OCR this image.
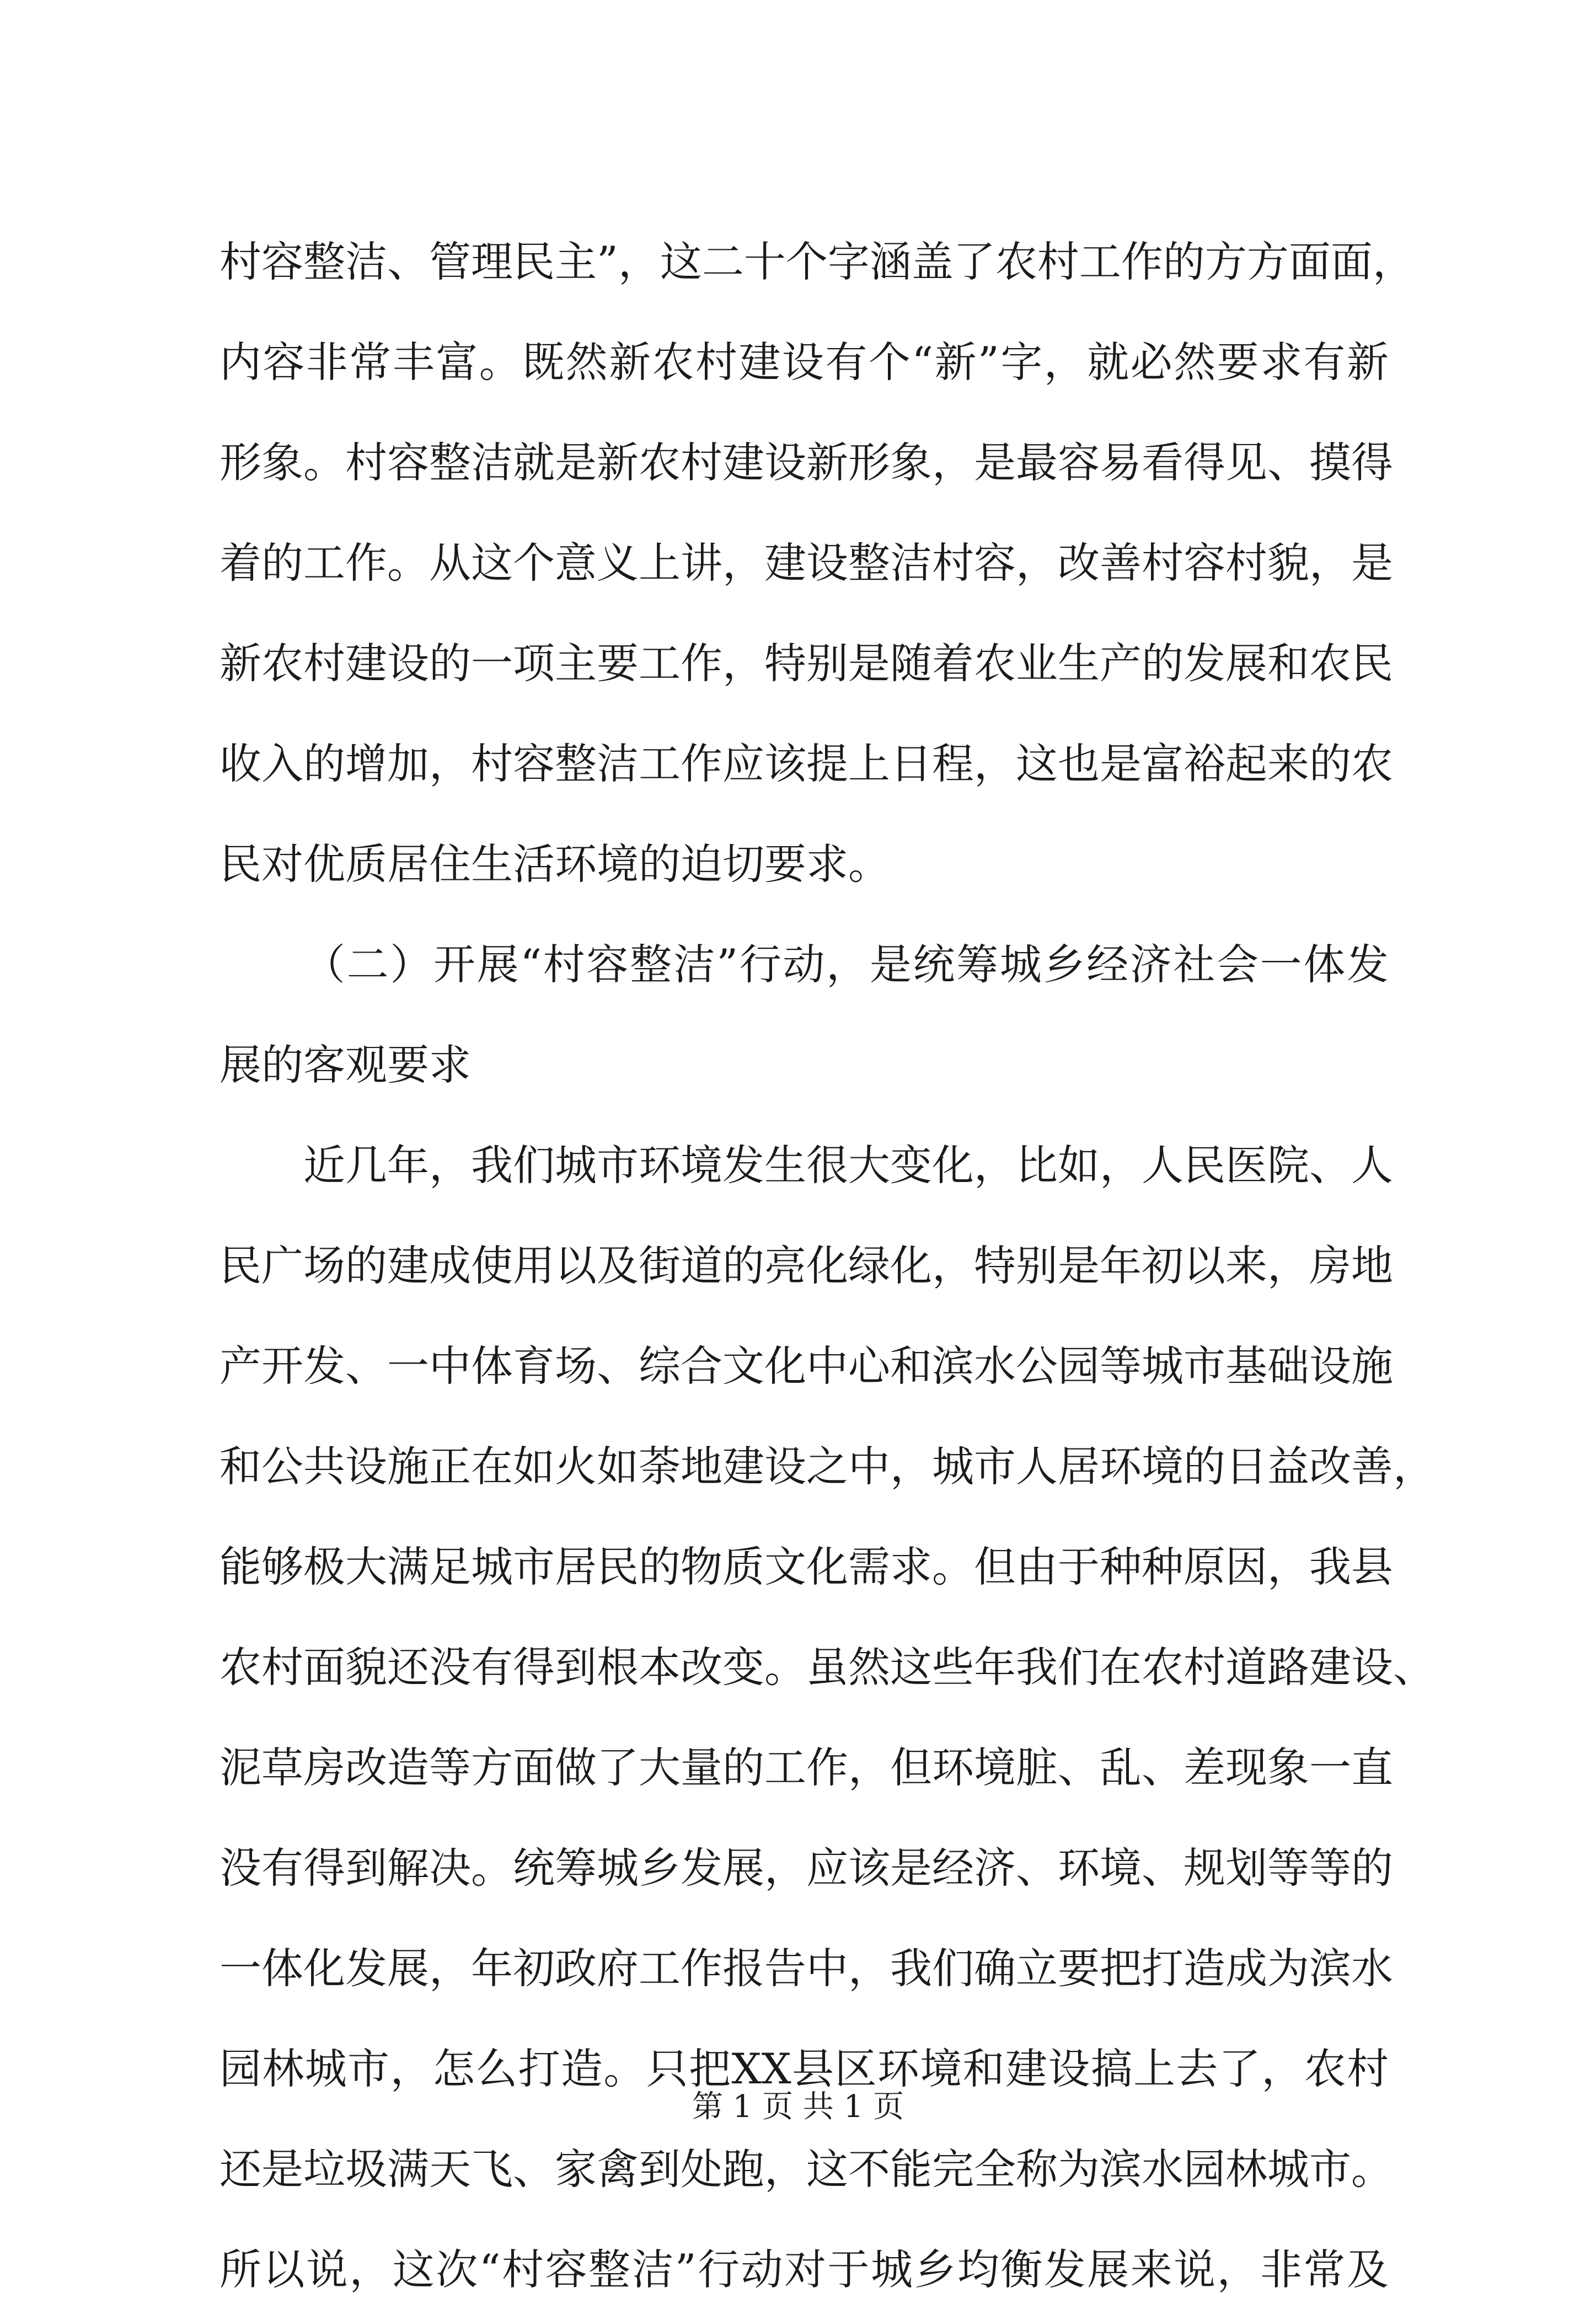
村容整洁、管理民主”，这二十个字涵盖了农村工作的方方面面，
内容非常丰富。既然新农村建设有个“新”字，就必然要求有新
形象。村容整洁就是新农村建设新形象，是最容易看得见、摸得
着的工作。从这个意义上讲，建设整洁村容，改善村容村貌，是
新农村建设的一项主要工作，特别是随着农业生产的发展和农民
收入的增加，村容整洁工作应该提上日程，这也是富裕起来的农
民对优质居住生活环境的迫切要求。
（二）开展“村容整洁”行动，是统筹城乡经济社会一体发
展的客观要求
近几年，我们城市环境发生很大变化，比如，人民医院、人
民广场的建成使用以及街道的亮化绿化，特别是年初以来，房地
产开发、一中体育场、综合文化中心和滨水公园等城市基础设施
和公共设施正在如火如荼地建设之中，城市人居环境的日益改善，
能够极大满足城市居民的物质文化需求。但由于种种原因，我县
农村面貌还没有得到根本改变。虽然这些年我们在农村道路建设、
泥草房改造等方面做了大量的工作，但环境脏、乱、差现象一直
没有得到解决。统筹城乡发展，应该是经济、环境、规划等等的
一体化发展，年初政府工作报告中，我们确立要把打造成为滨水
园林城市，怎么打造。只把XX县区环境和建设搞上去了，农村
还是垃圾满天飞、家禽到处跑，这不能完全称为滨水园林城市。
所以说，这次“村容整洁”行动对于城乡均衡发展来说，非常及
第 1 页 共 1 页
